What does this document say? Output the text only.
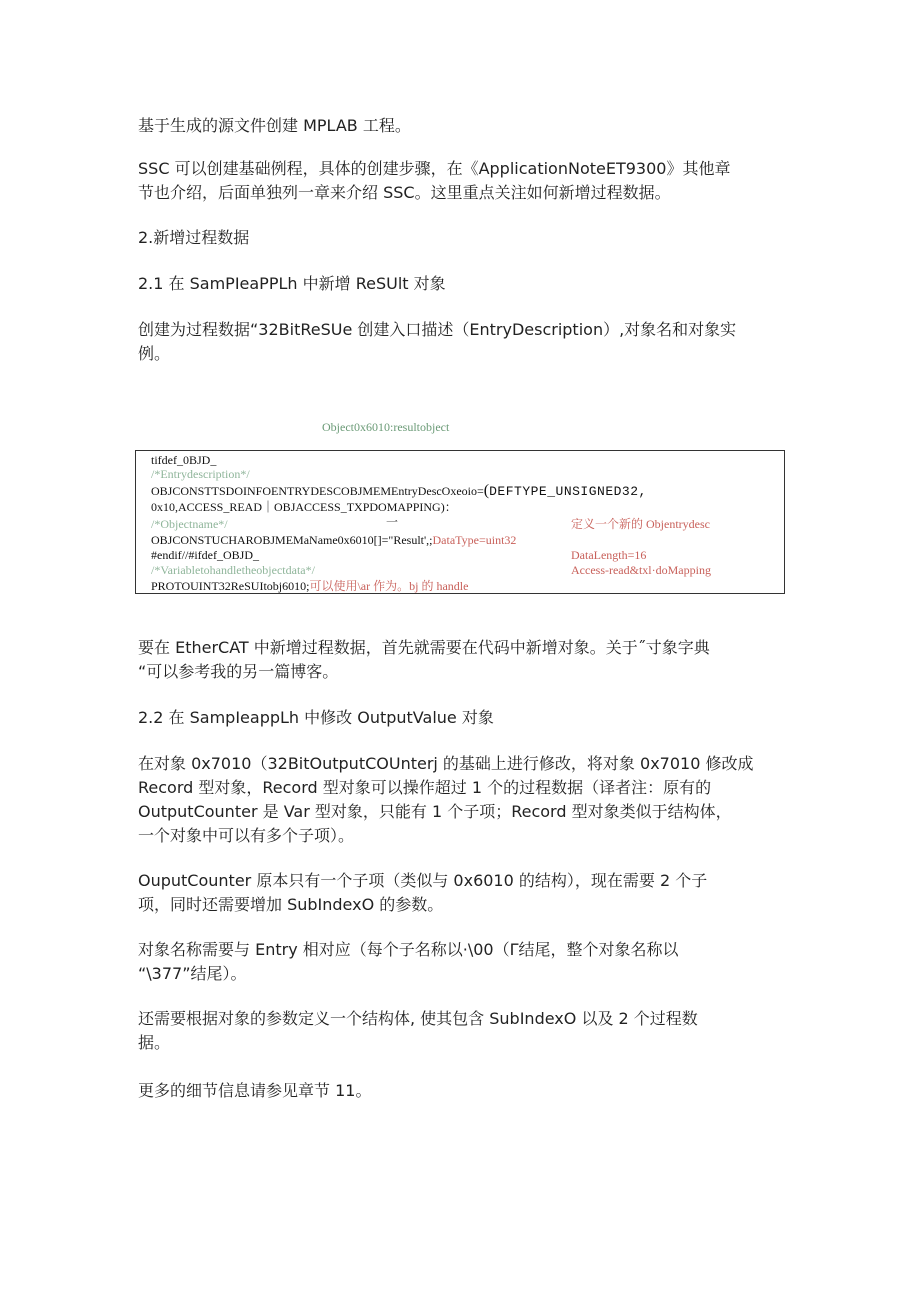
基于生成的源文件创建 MPLAB 工程。

SSC 可以创建基础例程，具体的创建步骤，在《ApplicationNoteET9300》其他章

节也介绍，后面单独列一章来介绍 SSC。这里重点关注如何新增过程数据。

2.新增过程数据

2.1 在 SamPIeaPPLh 中新增 ReSUlt 对象

创建为过程数据“32BitReSUe 创建入口描述（EntryDescription）,对象名和对象实

例。

Object0x6010:resultobject
tifdef_0BJD_
/*Entrydescription*/
OBJCONSTTSDOINFOENTRYDESCOBJMEMEntryDescOxeoio=(DEFTYPE_UNSIGNED32,
0x10,ACCESS_READ｜OBJACCESS_TXPDOMAPPING)：
/*Objectname*/	一
OBJCONSTUCHAROBJMEMaName0x6010[]="Result',;DataType=uint32
#endif//#ifdef_OBJD_
/*Variabletohandletheobjectdata*/
PROTOUINT32ReSUItobj6010;可以使用\ar 作为。bj 的 handle
定义一个新的 Objentrydesc
DataLength=16
Access-read&txl·doMapping

要在 EtherCAT 中新增过程数据，首先就需要在代码中新增对象。关于˝寸象字典

“可以参考我的另一篇博客。

2.2 在 SampIeappLh 中修改 OutputValue 对象

在对象 0x7010（32BitOutputCOUnterj 的基础上进行修改，将对象 0x7010 修改成

Record 型对象，Record 型对象可以操作超过 1 个的过程数据（译者注：原有的

OutputCounter 是 Var 型对象，只能有 1 个子项；Record 型对象类似于结构体，

一个对象中可以有多个子项）。

OuputCounter 原本只有一个子项（类似与 0x6010 的结构），现在需要 2 个子

项，同时还需要增加 SubIndexO 的参数。

对象名称需要与 Entry 相对应（每个子名称以·\00（Γ结尾，整个对象名称以

“\377”结尾）。

还需要根据对象的参数定义一个结构体, 使其包含 SubIndexO 以及 2 个过程数

据。

更多的细节信息请参见章节 11。
